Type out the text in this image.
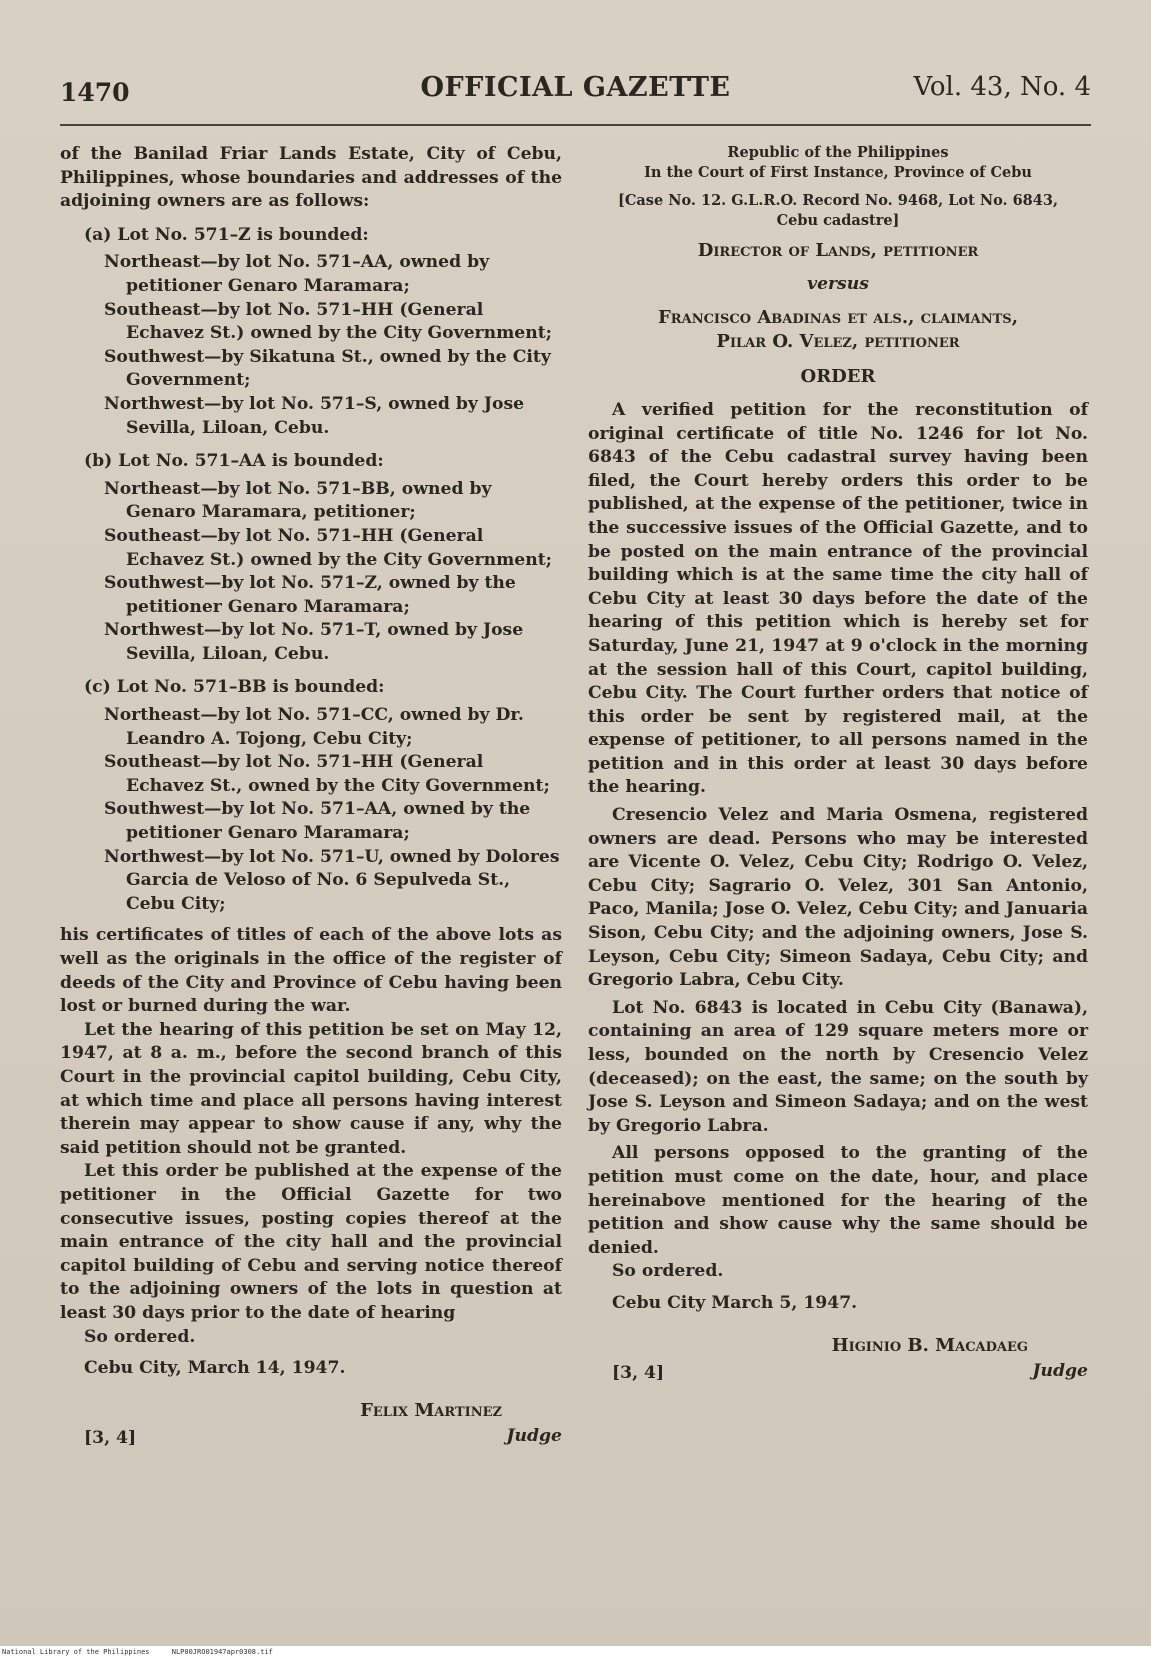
1470	OFFICIAL GAZETTE	Vol. 43, No. 4

of the Banilad Friar Lands Estate, City of Cebu, Philippines, whose boundaries and addresses of the adjoining owners are as follows:

(a) Lot No. 571–Z is bounded:

Northeast—by lot No. 571–AA, owned by petitioner Genaro Maramara;

Southeast—by lot No. 571–HH (General Echavez St.) owned by the City Government;

Southwest—by Sikatuna St., owned by the City Government;

Northwest—by lot No. 571–S, owned by Jose Sevilla, Liloan, Cebu.

(b) Lot No. 571–AA is bounded:

Northeast—by lot No. 571–BB, owned by Genaro Maramara, petitioner;

Southeast—by lot No. 571–HH (General Echavez St.) owned by the City Government;

Southwest—by lot No. 571–Z, owned by the petitioner Genaro Maramara;

Northwest—by lot No. 571–T, owned by Jose Sevilla, Liloan, Cebu.

(c) Lot No. 571–BB is bounded:

Northeast—by lot No. 571–CC, owned by Dr. Leandro A. Tojong, Cebu City;

Southeast—by lot No. 571–HH (General Echavez St., owned by the City Government;

Southwest—by lot No. 571–AA, owned by the petitioner Genaro Maramara;

Northwest—by lot No. 571–U, owned by Dolores Garcia de Veloso of No. 6 Sepulveda St., Cebu City;

his certificates of titles of each of the above lots as well as the originals in the office of the register of deeds of the City and Province of Cebu having been lost or burned during the war.

Let the hearing of this petition be set on May 12, 1947, at 8 a. m., before the second branch of this Court in the provincial capitol building, Cebu City, at which time and place all persons having interest therein may appear to show cause if any, why the said petition should not be granted.

Let this order be published at the expense of the petitioner in the Official Gazette for two consecutive issues, posting copies thereof at the main entrance of the city hall and the provincial capitol building of Cebu and serving notice thereof to the adjoining owners of the lots in question at least 30 days prior to the date of hearing

So ordered.

Cebu City, March 14, 1947.

Felix Martinez
Judge
[3, 4]

Republic of the Philippines

In the Court of First Instance, Province of Cebu

[Case No. 12. G.L.R.O. Record No. 9468, Lot No. 6843, Cebu cadastre]

Director of Lands, petitioner

versus

Francisco Abadinas et als., claimants,

Pilar O. Velez, petitioner

ORDER

A verified petition for the reconstitution of original certificate of title No. 1246 for lot No. 6843 of the Cebu cadastral survey having been filed, the Court hereby orders this order to be published, at the expense of the petitioner, twice in the successive issues of the Official Gazette, and to be posted on the main entrance of the provincial building which is at the same time the city hall of Cebu City at least 30 days before the date of the hearing of this petition which is hereby set for Saturday, June 21, 1947 at 9 o'clock in the morning at the session hall of this Court, capitol building, Cebu City. The Court further orders that notice of this order be sent by registered mail, at the expense of petitioner, to all persons named in the petition and in this order at least 30 days before the hearing.

Cresencio Velez and Maria Osmena, registered owners are dead. Persons who may be interested are Vicente O. Velez, Cebu City; Rodrigo O. Velez, Cebu City; Sagrario O. Velez, 301 San Antonio, Paco, Manila; Jose O. Velez, Cebu City; and Januaria Sison, Cebu City; and the adjoining owners, Jose S. Leyson, Cebu City; Simeon Sadaya, Cebu City; and Gregorio Labra, Cebu City.

Lot No. 6843 is located in Cebu City (Banawa), containing an area of 129 square meters more or less, bounded on the north by Cresencio Velez (deceased); on the east, the same; on the south by Jose S. Leyson and Simeon Sadaya; and on the west by Gregorio Labra.

All persons opposed to the granting of the petition must come on the date, hour, and place hereinabove mentioned for the hearing of the petition and show cause why the same should be denied.

So ordered.

Cebu City March 5, 1947.

Higinio B. Macadaeg
Judge
[3, 4]
National Library of the Philippines	NLP00JRO01947apr0308.tif
